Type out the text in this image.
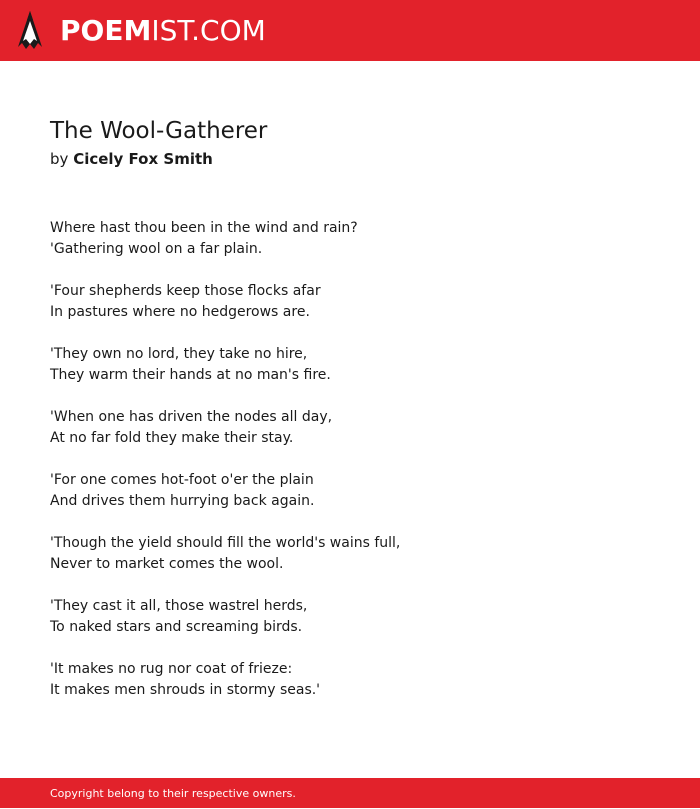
POEMIST.COM
The Wool-Gatherer
by Cicely Fox Smith
Where hast thou been in the wind and rain?
'Gathering wool on a far plain.
'Four shepherds keep those flocks afar
In pastures where no hedgerows are.
'They own no lord, they take no hire,
They warm their hands at no man's fire.
'When one has driven the nodes all day,
At no far fold they make their stay.
'For one comes hot-foot o'er the plain
And drives them hurrying back again.
'Though the yield should fill the world's wains full,
Never to market comes the wool.
'They cast it all, those wastrel herds,
To naked stars and screaming birds.
'It makes no rug nor coat of frieze:
It makes men shrouds in stormy seas.'
Copyright belong to their respective owners.
